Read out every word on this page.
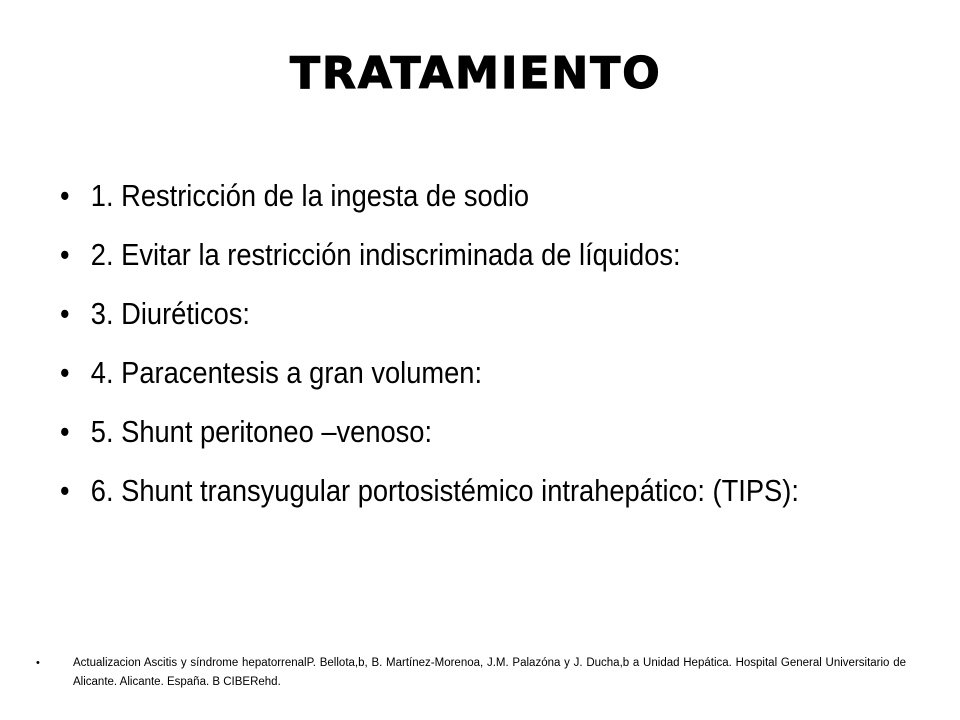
TRATAMIENTO
• 1. Restricción de la ingesta de sodio
• 2. Evitar la restricción indiscriminada de líquidos:
• 3. Diuréticos:
• 4. Paracentesis a gran volumen:
• 5. Shunt peritoneo –venoso:
• 6. Shunt transyugular portosistémico intrahepático: (TIPS):
•	Actualizacion Ascitis y síndrome hepatorrenalP. Bellota,b, B. Martínez-Morenoa, J.M. Palazóna y J. Ducha,b a Unidad Hepática. Hospital General Universitario de Alicante. Alicante. España. B CIBERehd.
